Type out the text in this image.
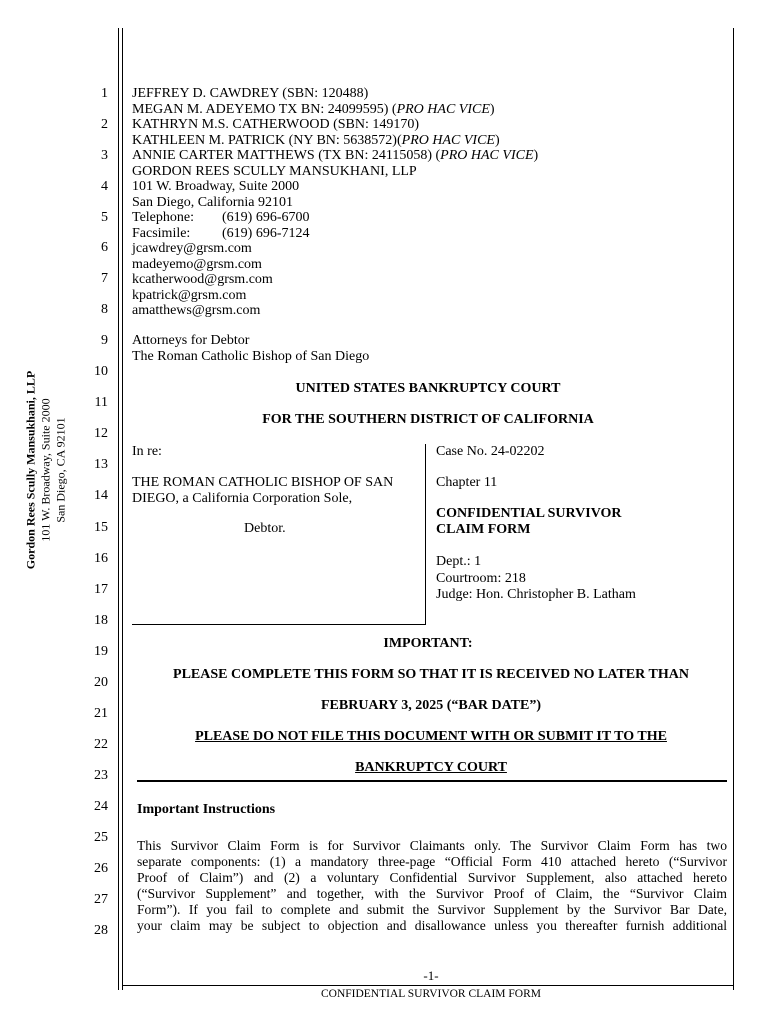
1
2
3
4
5
6
7
8
9
10
11
12
13
14
15
16
17
18
19
20
21
22
23
24
25
26
27
28
Gordon Rees Scully Mansukhani, LLP 101 W. Broadway, Suite 2000 San Diego, CA 92101
JEFFREY D. CAWDREY (SBN: 120488)
MEGAN M. ADEYEMO TX BN: 24099595) (PRO HAC VICE)
KATHRYN M.S. CATHERWOOD (SBN: 149170)
KATHLEEN M. PATRICK (NY BN: 5638572)(PRO HAC VICE)
ANNIE CARTER MATTHEWS (TX BN: 24115058) (PRO HAC VICE)
GORDON REES SCULLY MANSUKHANI, LLP
101 W. Broadway, Suite 2000
San Diego, California 92101
Telephone: (619) 696-6700
Facsimile: (619) 696-7124
jcawdrey@grsm.com
madeyemo@grsm.com
kcatherwood@grsm.com
kpatrick@grsm.com
amatthews@grsm.com
Attorneys for Debtor
The Roman Catholic Bishop of San Diego
UNITED STATES BANKRUPTCY COURT
FOR THE SOUTHERN DISTRICT OF CALIFORNIA
In re:
THE ROMAN CATHOLIC BISHOP OF SAN
DIEGO, a California Corporation Sole,
Debtor.
Case No. 24-02202
Chapter 11
CONFIDENTIAL SURVIVOR
CLAIM FORM
Dept.: 1
Courtroom: 218
Judge: Hon. Christopher B. Latham
IMPORTANT:
PLEASE COMPLETE THIS FORM SO THAT IT IS RECEIVED NO LATER THAN
FEBRUARY 3, 2025 (“BAR DATE”)
PLEASE DO NOT FILE THIS DOCUMENT WITH OR SUBMIT IT TO THE
BANKRUPTCY COURT
Important Instructions
This Survivor Claim Form is for Survivor Claimants only. The Survivor Claim Form has two
separate components: (1) a mandatory three-page “Official Form 410 attached hereto (“Survivor
Proof of Claim”) and (2) a voluntary Confidential Survivor Supplement, also attached hereto
(“Survivor Supplement” and together, with the Survivor Proof of Claim, the “Survivor Claim
Form”). If you fail to complete and submit the Survivor Supplement by the Survivor Bar Date,
your claim may be subject to objection and disallowance unless you thereafter furnish additional
-1-
CONFIDENTIAL SURVIVOR CLAIM FORM
